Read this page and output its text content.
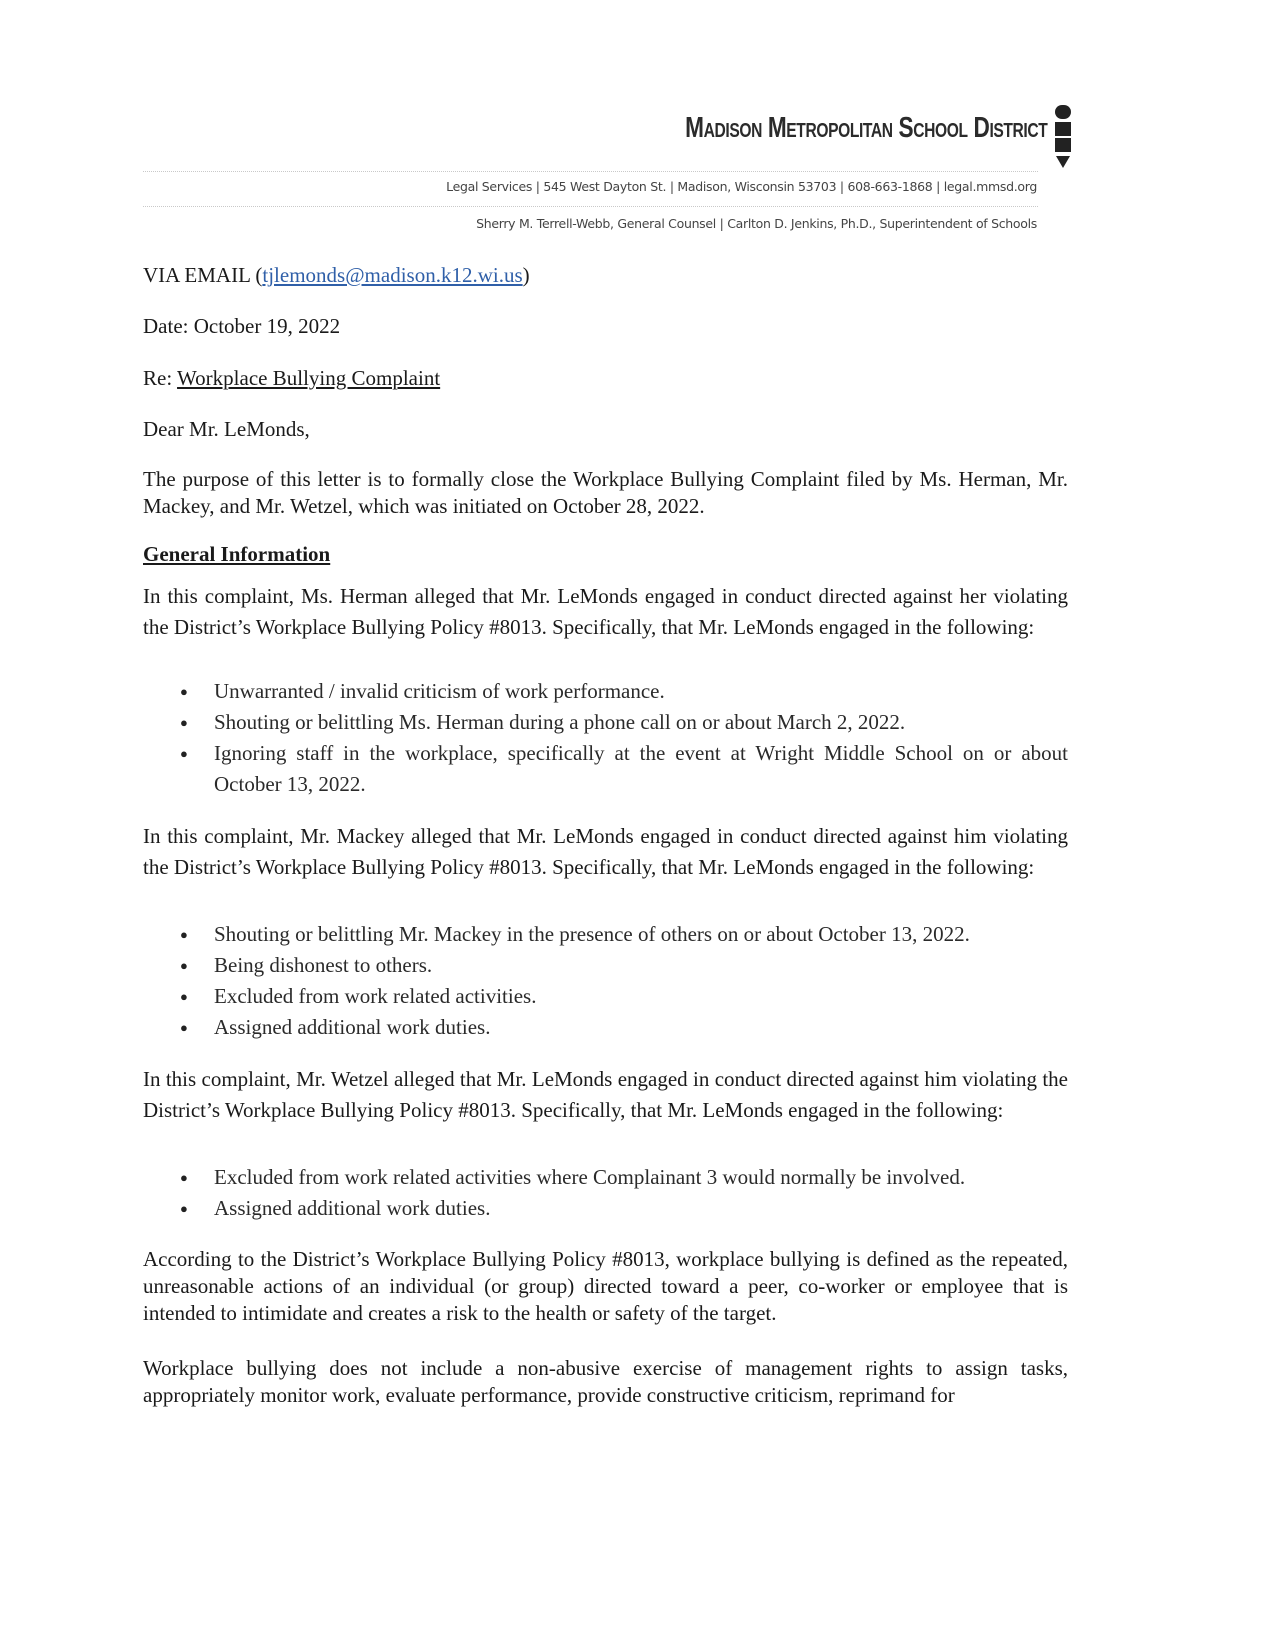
Madison Metropolitan School District
Legal Services | 545 West Dayton St. | Madison, Wisconsin 53703 | 608-663-1868 | legal.mmsd.org
Sherry M. Terrell-Webb, General Counsel | Carlton D. Jenkins, Ph.D., Superintendent of Schools
VIA EMAIL (tjlemonds@madison.k12.wi.us)
Date: October 19, 2022
Re: Workplace Bullying Complaint
Dear Mr. LeMonds,
The purpose of this letter is to formally close the Workplace Bullying Complaint filed by Ms. Herman, Mr. Mackey, and Mr. Wetzel, which was initiated on October 28, 2022.
General Information
In this complaint, Ms. Herman alleged that Mr. LeMonds engaged in conduct directed against her violating the District’s Workplace Bullying Policy #8013. Specifically, that Mr. LeMonds engaged in the following:
● Unwarranted / invalid criticism of work performance.
● Shouting or belittling Ms. Herman during a phone call on or about March 2, 2022.
● Ignoring staff in the workplace, specifically at the event at Wright Middle School on or about October 13, 2022.
In this complaint, Mr. Mackey alleged that Mr. LeMonds engaged in conduct directed against him violating the District’s Workplace Bullying Policy #8013. Specifically, that Mr. LeMonds engaged in the following:
● Shouting or belittling Mr. Mackey in the presence of others on or about October 13, 2022.
● Being dishonest to others.
● Excluded from work related activities.
● Assigned additional work duties.
In this complaint, Mr. Wetzel alleged that Mr. LeMonds engaged in conduct directed against him violating the District’s Workplace Bullying Policy #8013. Specifically, that Mr. LeMonds engaged in the following:
● Excluded from work related activities where Complainant 3 would normally be involved.
● Assigned additional work duties.
According to the District’s Workplace Bullying Policy #8013, workplace bullying is defined as the repeated, unreasonable actions of an individual (or group) directed toward a peer, co-worker or employee that is intended to intimidate and creates a risk to the health or safety of the target.
Workplace bullying does not include a non-abusive exercise of management rights to assign tasks, appropriately monitor work, evaluate performance, provide constructive criticism, reprimand for
